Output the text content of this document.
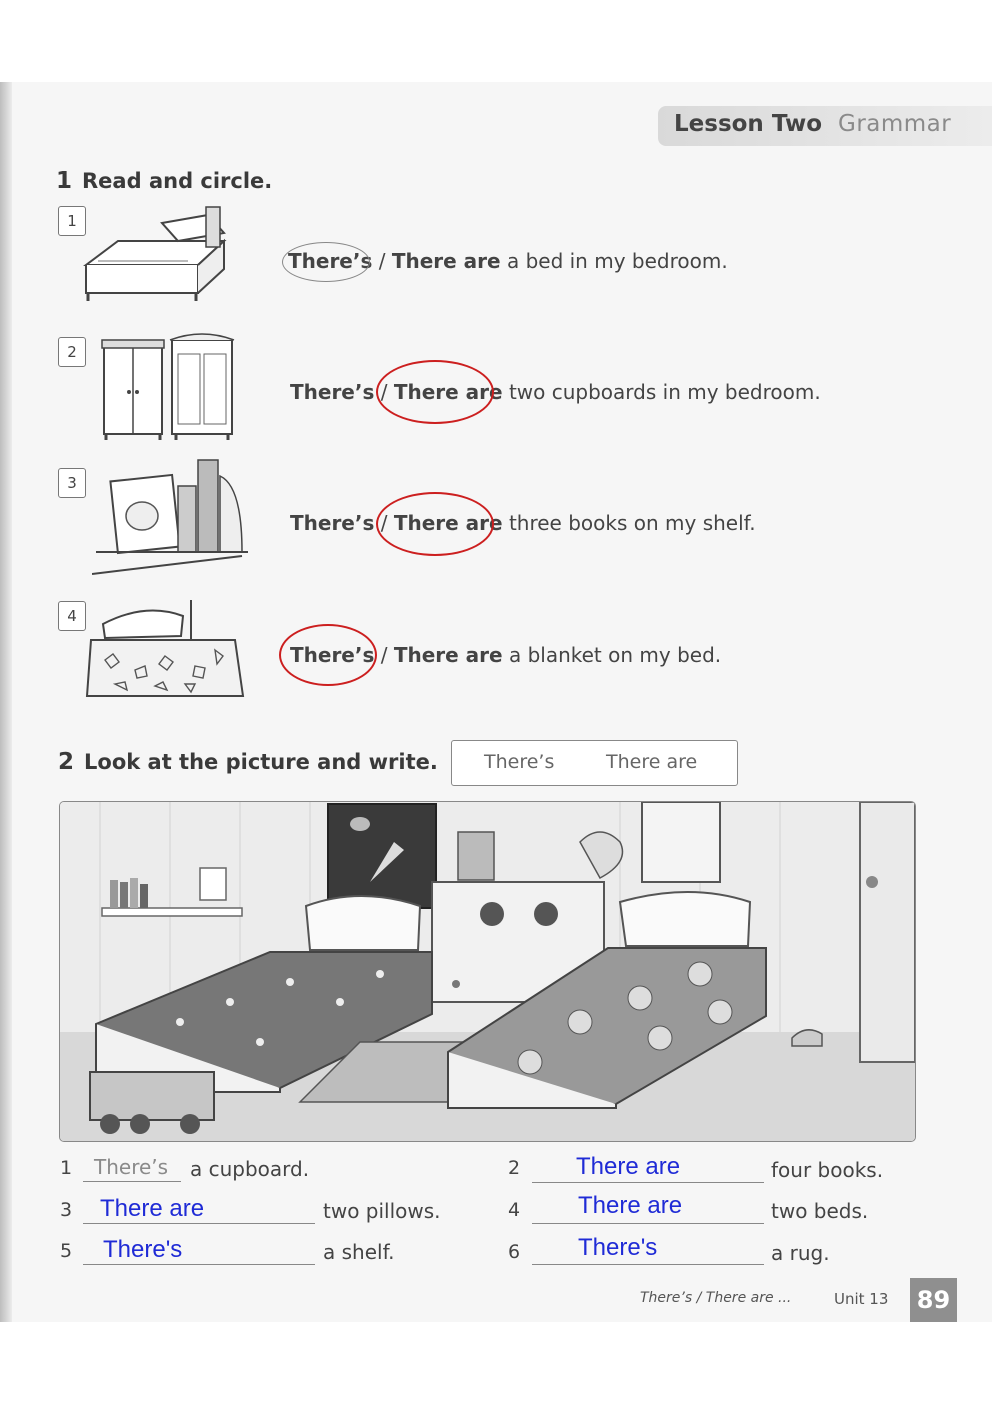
Lesson Two Grammar
1 Read and circle.
1
2
3
4
There’s / There are a bed in my bedroom.
There’s / There are two cupboards in my bedroom.
There’s / There are three books on my shelf.
There’s / There are a blanket on my bed.
2 Look at the picture and write. There’s	There are
1 There’s a cupboard.	2 There are	four books.
3 There are	two pillows.	4 There are	two beds.
5 There's	a shelf.	6 There's	a rug.
There’s / There are ...	Unit 13 89
